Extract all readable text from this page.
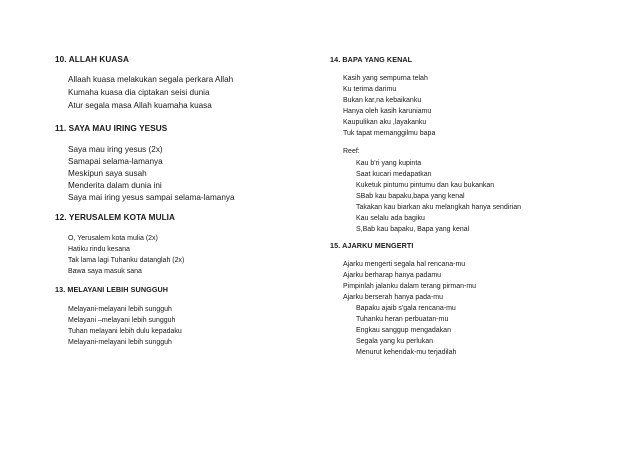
10. ALLAH KUASA
Allaah kuasa melakukan segala perkara Allah
Kumaha kuasa dia ciptakan seisi dunia
Atur segala masa Allah kuamaha kuasa
11. SAYA MAU IRING YESUS
Saya mau iring yesus (2x)
Samapai selama-lamanya
Meskipun saya susah
Menderita dalam dunia ini
Saya mai iring yesus sampai selama-lamanya
12. YERUSALEM KOTA MULIA
O, Yerusalem kota mulia (2x)
Hatiku rindu kesana
Tak lama lagi Tuhanku datanglah (2x)
Bawa saya masuk sana
13. MELAYANI LEBIH SUNGGUH
Melayani-melayani lebih sungguh
Melayani –melayani lebih sungguh
Tuhan melayani lebih dulu kepadaku
Melayani-melayani lebih sungguh
14. BAPA YANG KENAL
Kasih yang sempurna telah
Ku terima darimu
Bukan kar,na kebaikanku
Hanya oleh kasih karuniamu
Kaupulikan aku ,layakanku
Tuk tapat memanggilmu bapa
Reef:
Kau b'ri yang kupinta
Saat kucari medapatkan
Kuketuk pintumu pintumu dan kau bukankan
SBab kau bapaku,bapa yang kenal
Takakan kau biarkan aku melangkah hanya sendirian
Kau selalu ada bagiku
S,Bab kau bapaku, Bapa yang kenal
15. AJARKU MENGERTI
Ajarku mengerti segala hal rencana-mu
Ajarku berharap hanya padamu
Pimpinlah jalanku dalam terang pirman-mu
Ajarku berserah hanya pada-mu
Bapaku ajaib s'gala rencana-mu
Tuhanku heran perbuatan-mu
Engkau sanggup mengadakan
Segala yang ku perlukan
Menurut kehendak-mu terjadilah
